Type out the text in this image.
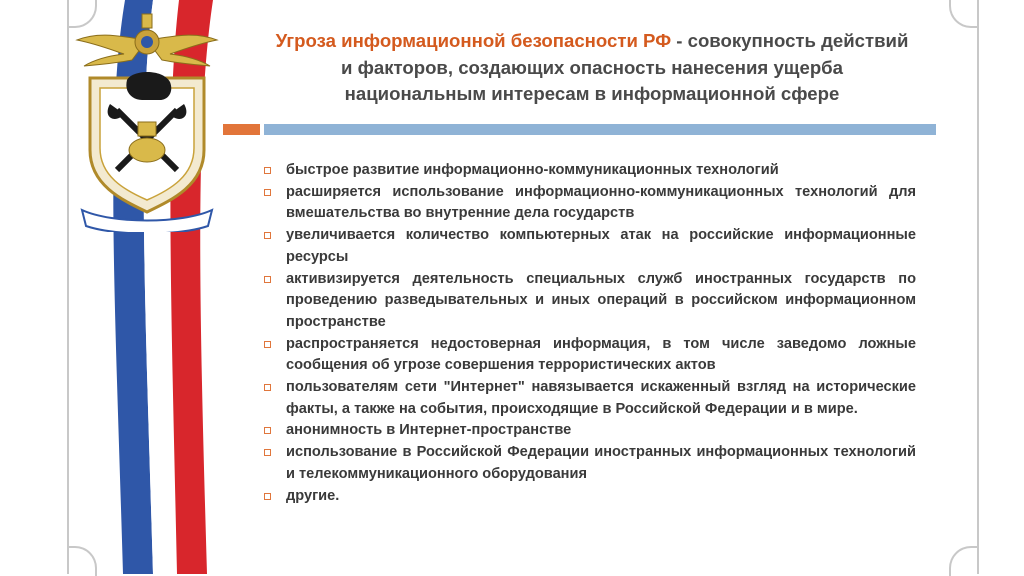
Угроза информационной безопасности РФ - совокупность действий и факторов, создающих опасность нанесения ущерба национальным интересам в информационной сфере
быстрое развитие информационно-коммуникационных технологий
расширяется использование информационно-коммуникационных технологий для вмешательства во внутренние дела государств
увеличивается количество компьютерных атак на российские информационные ресурсы
активизируется деятельность специальных служб иностранных государств по проведению разведывательных и иных операций в российском информационном пространстве
распространяется недостоверная информация, в том числе заведомо ложные сообщения об угрозе совершения террористических актов
пользователям сети "Интернет" навязывается искаженный взгляд на исторические факты, а также на события, происходящие в Российской Федерации и в мире.
анонимность в Интернет-пространстве
использование в Российской Федерации иностранных информационных технологий и телекоммуникационного оборудования
другие.
